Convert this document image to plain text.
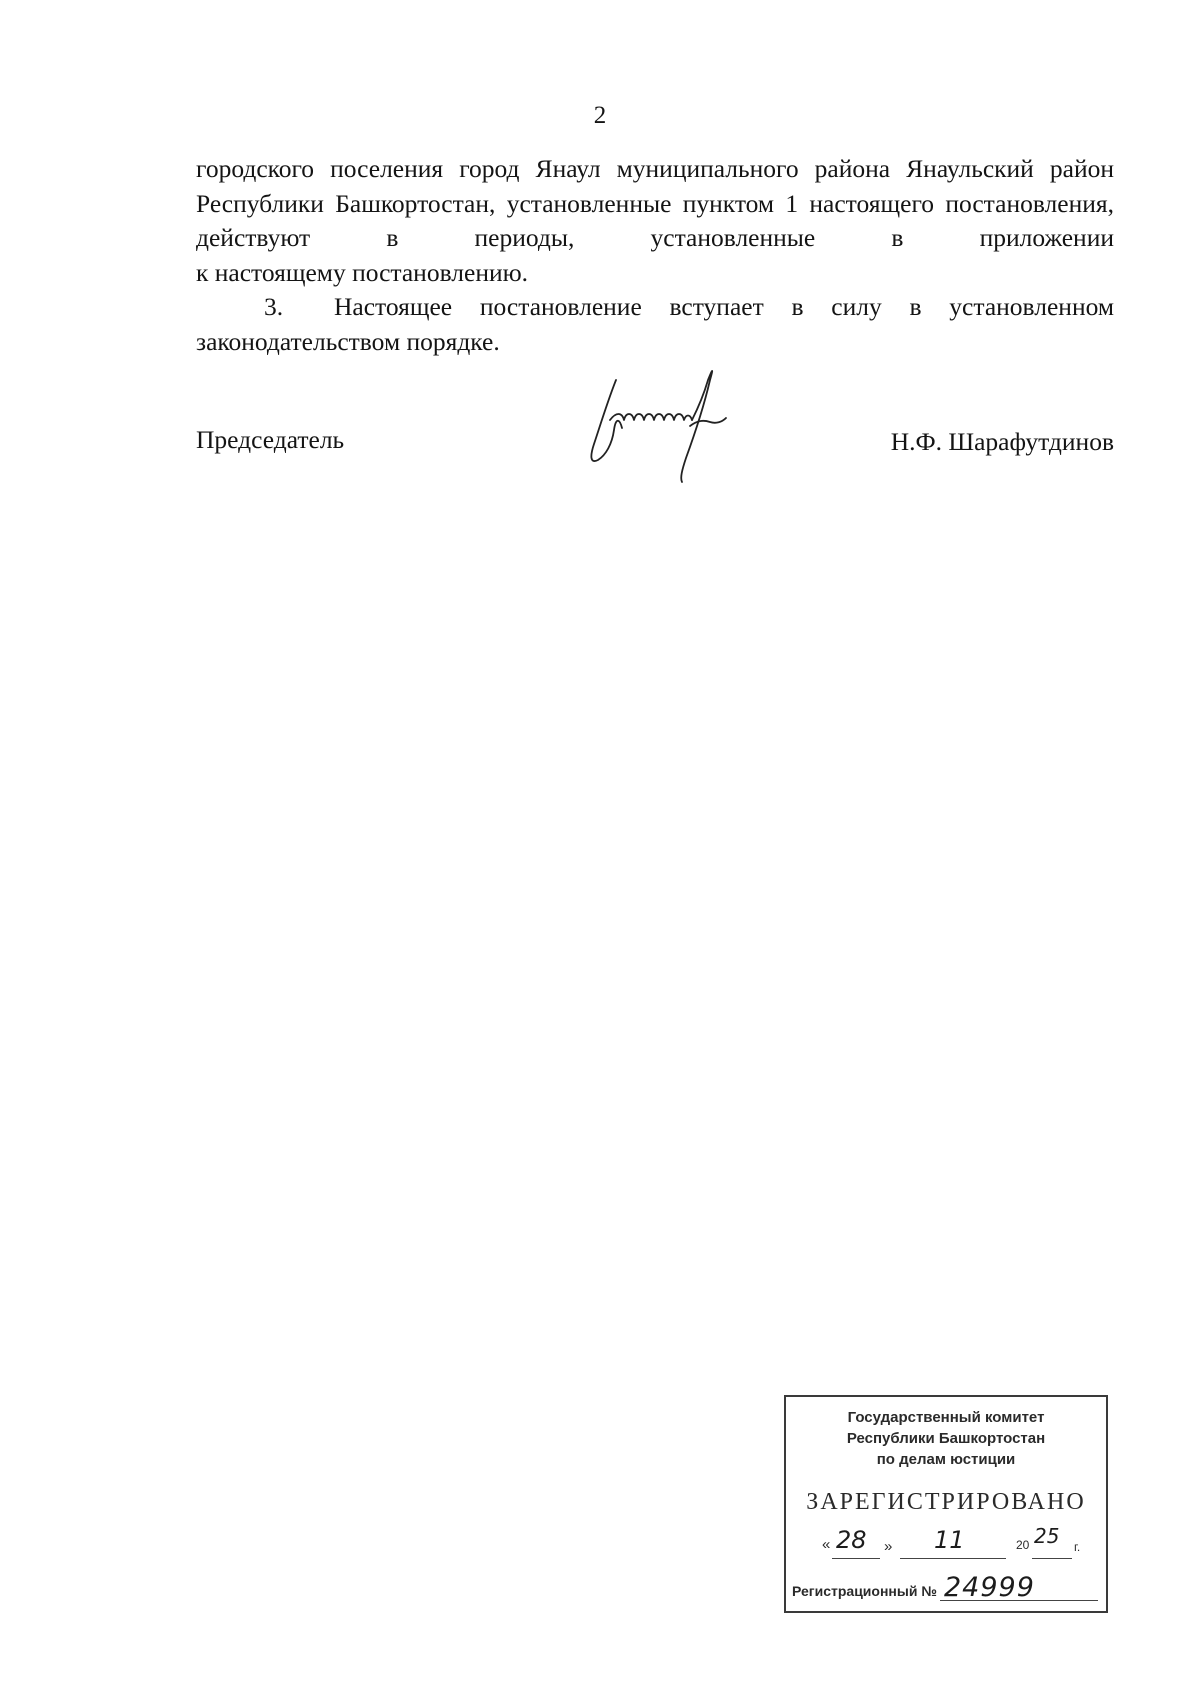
2

городского поселения город Янаул муниципального района Янаульский район Республики Башкортостан, установленные пунктом 1 настоящего постановления, действуют в периоды, установленные в приложении

к настоящему постановлению.

3. Настоящее постановление вступает в силу в установленном законодательством порядке.

Председатель	Н.Ф. Шарафутдинов
Государственный комитет
Республики Башкортостан
по делам юстиции
ЗАРЕГИСТРИРОВАНО
« 28 » 11	20 25 г.
Регистрационный № 24999
